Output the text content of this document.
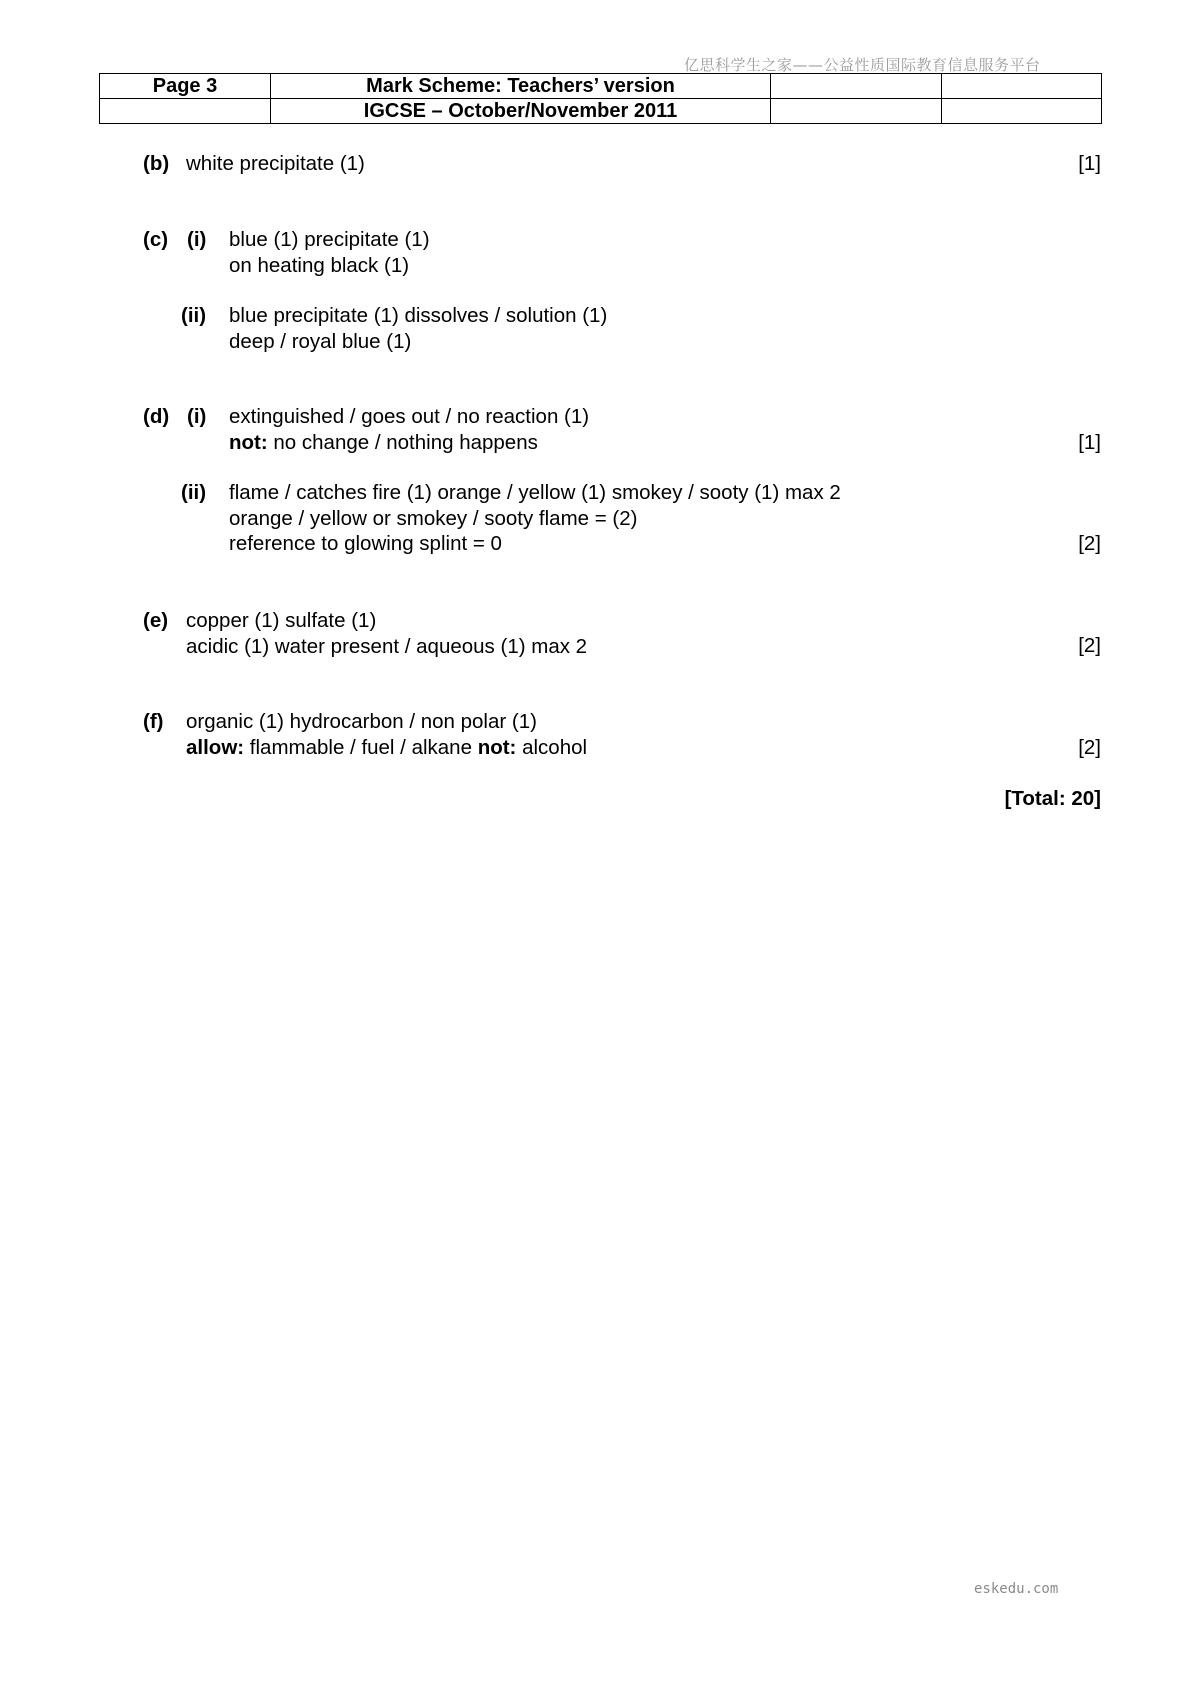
亿思科学生之家——公益性质国际教育信息服务平台
Page 3	Mark Scheme: Teachers’ version		
	IGCSE – October/November 2011		
(b) white precipitate (1)	[1]
(c) (i) blue (1) precipitate (1)
on heating black (1)
(ii) blue precipitate (1) dissolves / solution (1)
deep / royal blue (1)
(d) (i) extinguished / goes out / no reaction (1)
not: no change / nothing happens	[1]
(ii) flame / catches fire (1) orange / yellow (1) smokey / sooty (1) max 2
orange / yellow or smokey / sooty flame = (2)
reference to glowing splint = 0	[2]
(e) copper (1) sulfate (1)
acidic (1) water present / aqueous (1) max 2	[2]
(f) organic (1) hydrocarbon / non polar (1)
allow: flammable / fuel / alkane not: alcohol	[2]
[Total: 20]
eskedu.com
